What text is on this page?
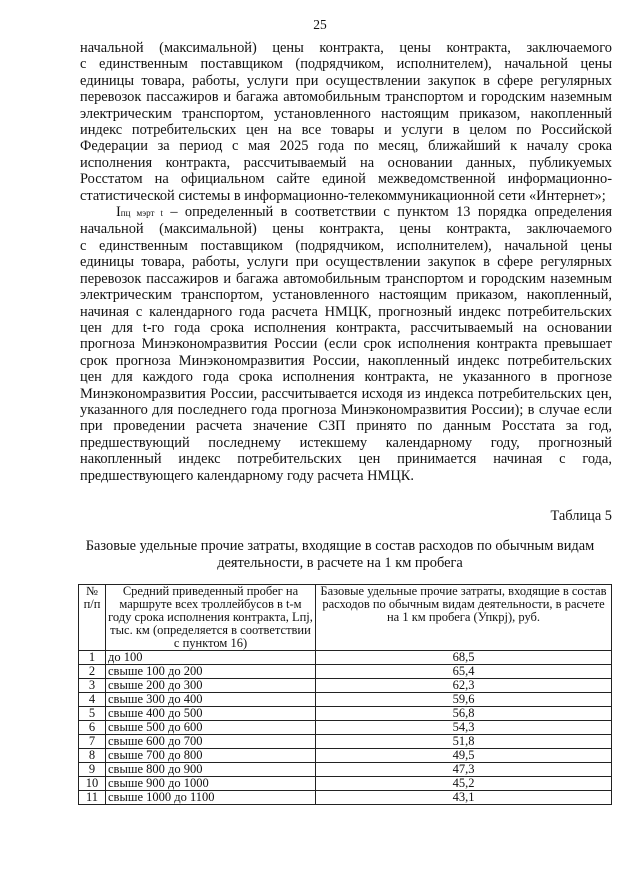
25
начальной (максимальной) цены контракта, цены контракта, заключаемого
с единственным поставщиком (подрядчиком, исполнителем), начальной цены
единицы товара, работы, услуги при осуществлении закупок в сфере регулярных
перевозок пассажиров и багажа автомобильным транспортом и городским наземным
электрическим транспортом, установленного настоящим приказом, накопленный
индекс потребительских цен на все товары и услуги в целом по Российской
Федерации за период с мая 2025 года по месяц, ближайший к началу срока
исполнения контракта, рассчитываемый на основании данных, публикуемых
Росстатом на официальном сайте единой межведомственной информационно-
статистической системы в информационно-телекоммуникационной сети «Интернет»;
Iпц мэрт t – определенный в соответствии с пунктом 13 порядка определения
начальной (максимальной) цены контракта, цены контракта, заключаемого
с единственным поставщиком (подрядчиком, исполнителем), начальной цены
единицы товара, работы, услуги при осуществлении закупок в сфере регулярных
перевозок пассажиров и багажа автомобильным транспортом и городским наземным
электрическим транспортом, установленного настоящим приказом, накопленный,
начиная с календарного года расчета НМЦК, прогнозный индекс потребительских
цен для t-го года срока исполнения контракта, рассчитываемый на основании
прогноза Минэкономразвития России (если срок исполнения контракта превышает
срок прогноза Минэкономразвития России, накопленный индекс потребительских
цен для каждого года срока исполнения контракта, не указанного в прогнозе
Минэкономразвития России, рассчитывается исходя из индекса потребительских цен,
указанного для последнего года прогноза Минэкономразвития России); в случае если
при проведении расчета значение СЗП принято по данным Росстата за год,
предшествующий последнему истекшему календарному году, прогнозный
накопленный индекс потребительских цен принимается начиная с года,
предшествующего календарному году расчета НМЦК.
Таблица 5
Базовые удельные прочие затраты, входящие в состав расходов по обычным видам
деятельности, в расчете на 1 км пробега
№ п/п	Средний приведенный пробег на маршруте всех троллейбусов в t-м году срока исполнения контракта, Lпj, тыс. км (определяется в соответствии с пунктом 16)	Базовые удельные прочие затраты, входящие в состав расходов по обычным видам деятельности, в расчете на 1 км пробега (Упкрj), руб.
1	до 100	68,5
2	свыше 100 до 200	65,4
3	свыше 200 до 300	62,3
4	свыше 300 до 400	59,6
5	свыше 400 до 500	56,8
6	свыше 500 до 600	54,3
7	свыше 600 до 700	51,8
8	свыше 700 до 800	49,5
9	свыше 800 до 900	47,3
10	свыше 900 до 1000	45,2
11	свыше 1000 до 1100	43,1
